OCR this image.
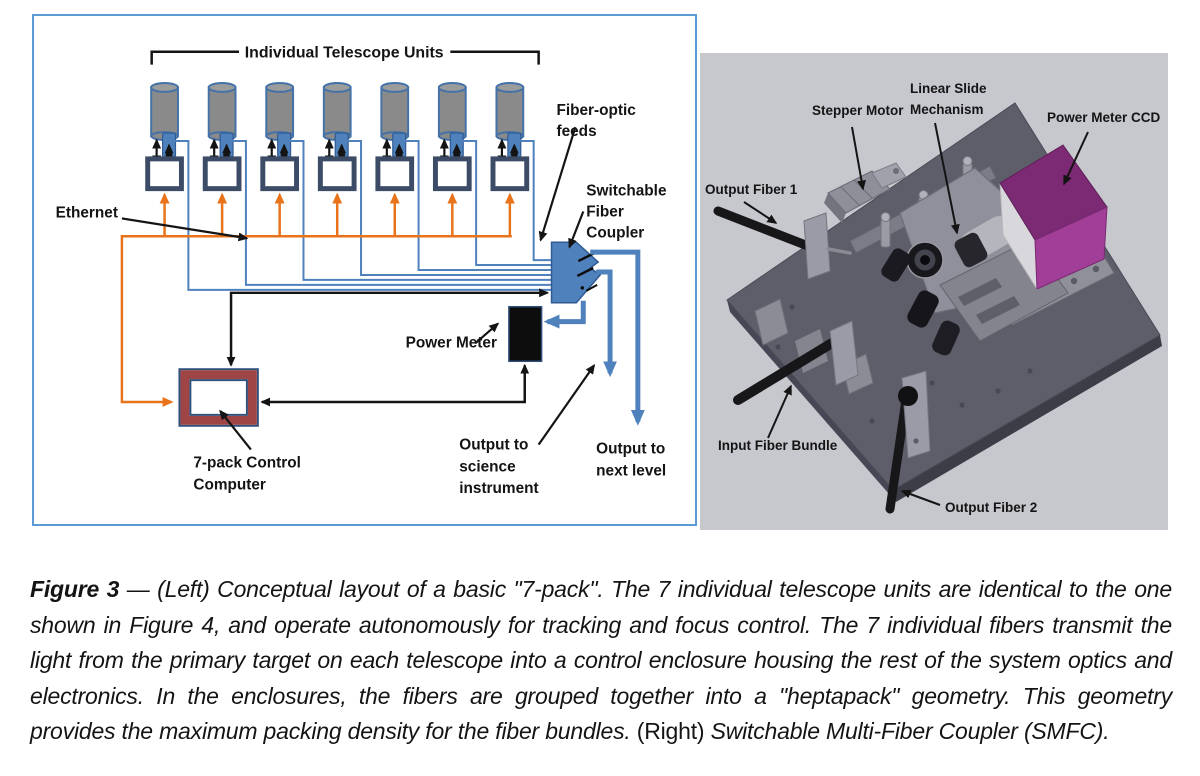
Individual Telescope Units
Ethernet
Fiber-optic
feeds
Switchable
Fiber
Coupler
Power Meter
7-pack Control
Computer
Output to
science
instrument
Output to
next level
Stepper Motor
Linear Slide
Mechanism
Power Meter CCD
Output Fiber 1
Input Fiber Bundle
Output Fiber 2

Figure 3 — (Left) Conceptual layout of a basic "7-pack". The 7 individual telescope units are identical to the one shown in Figure 4, and operate autonomously for tracking and focus control. The 7 individual fibers transmit the light from the primary target on each telescope into a control enclosure housing the rest of the system optics and electronics. In the enclosures, the fibers are grouped together into a "heptapack" geometry. This geometry provides the maximum packing density for the fiber bundles. (Right) Switchable Multi-Fiber Coupler (SMFC).
